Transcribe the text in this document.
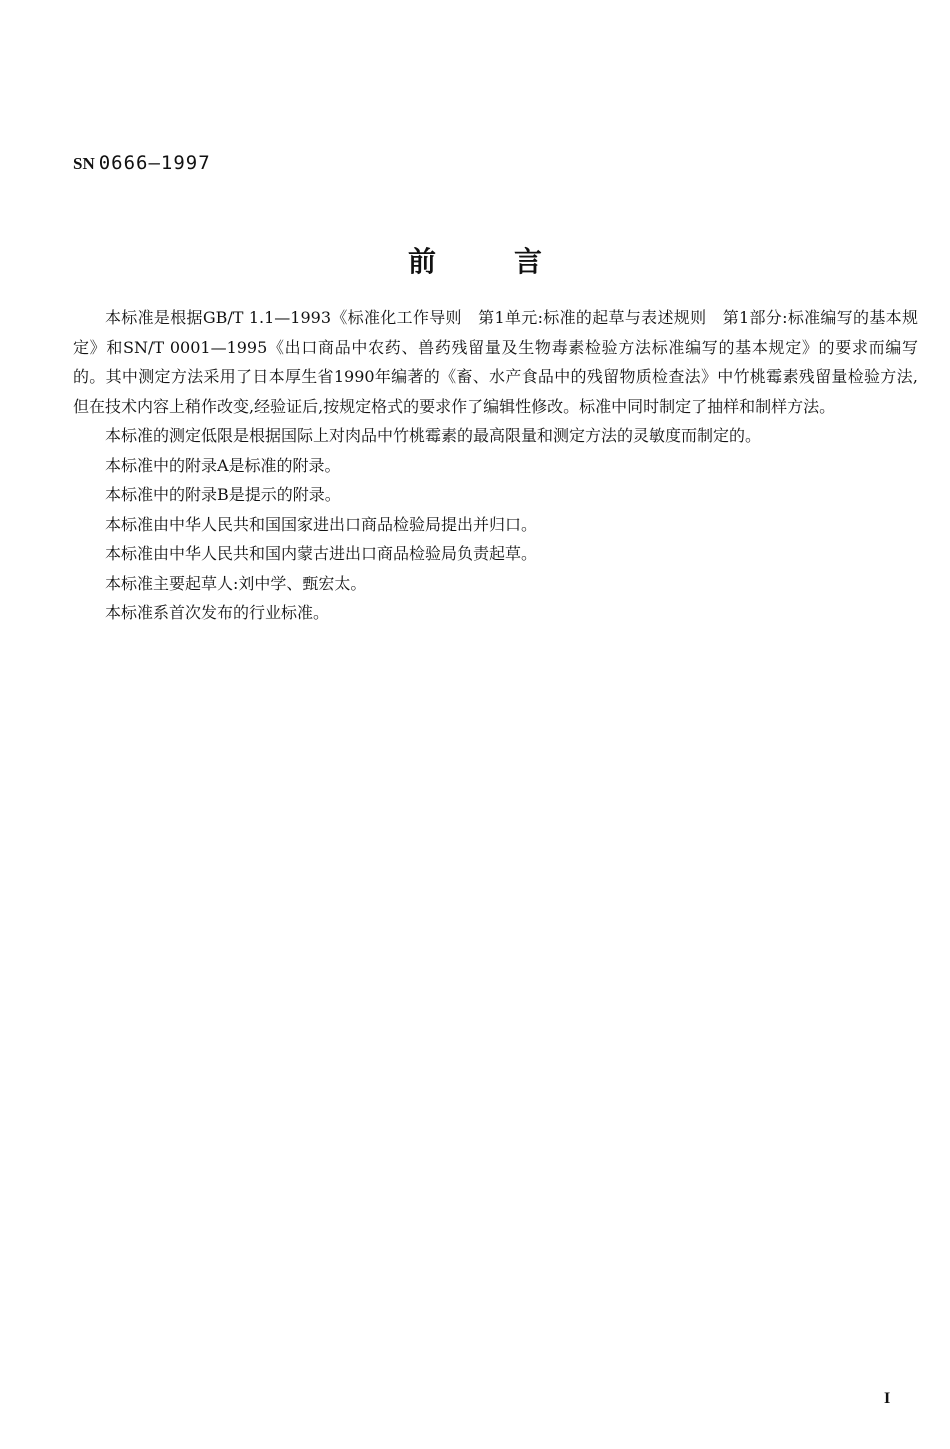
SN 0666—1997
前言

本标准是根据GB/T 1.1—1993《标准化工作导则　第1单元:标准的起草与表述规则　第1部分:标准编写的基本规定》和SN/T 0001—1995《出口商品中农药、兽药残留量及生物毒素检验方法标准编写的基本规定》的要求而编写的。其中测定方法采用了日本厚生省1990年编著的《畜、水产食品中的残留物质检查法》中竹桃霉素残留量检验方法,但在技术内容上稍作改变,经验证后,按规定格式的要求作了编辑性修改。标准中同时制定了抽样和制样方法。

本标准的测定低限是根据国际上对肉品中竹桃霉素的最高限量和测定方法的灵敏度而制定的。

本标准中的附录A是标准的附录。

本标准中的附录B是提示的附录。

本标准由中华人民共和国国家进出口商品检验局提出并归口。

本标准由中华人民共和国内蒙古进出口商品检验局负责起草。

本标准主要起草人:刘中学、甄宏太。

本标准系首次发布的行业标准。

I
